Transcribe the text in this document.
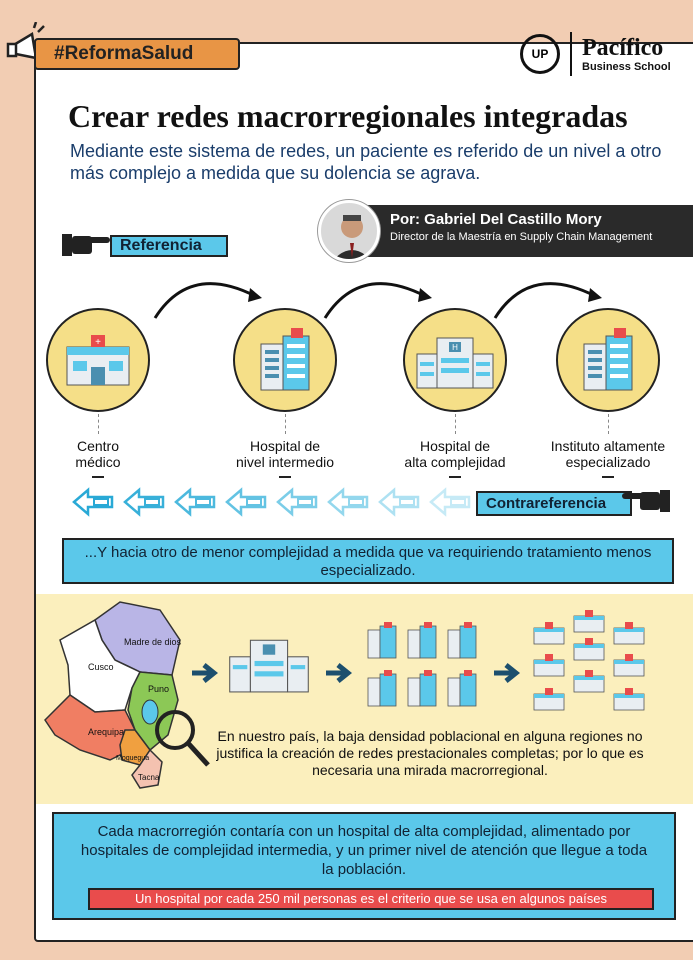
#ReformaSalud	UP	Pacífico
Business School
Crear redes macrorregionales integradas
Mediante este sistema de redes, un paciente es referido de un nivel a otro más complejo a medida que su dolencia se agrava.
Por: Gabriel Del Castillo Mory
Director de la Maestría en Supply Chain Management
Referencia
+
Centro
médico
Hospital de
nivel intermedio
H
Hospital de
alta complejidad
Instituto altamente
especializado
Contrareferencia
...Y hacia otro de menor complejidad a medida que va requiriendo tratamiento menos especializado.
Madre de dios
Cusco
Puno
Arequipa
Moquegua
Tacna
En nuestro país, la baja densidad poblacional en alguna regiones no justifica la creación de redes prestacionales completas; por lo que es necesaria una mirada macrorregional.
Cada macrorregión contaría con un hospital de alta complejidad, alimentado por hospitales de complejidad intermedia, y un primer nivel de atención que llegue a toda la población.
Un hospital por cada 250 mil personas es el criterio que se usa en algunos países
